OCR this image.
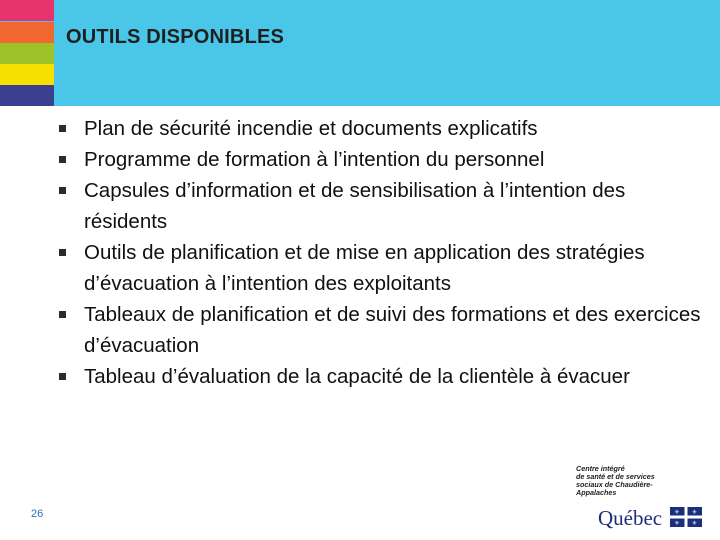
OUTILS DISPONIBLES
Plan de sécurité incendie et documents explicatifs
Programme de formation à l’intention du personnel
Capsules d’information et de sensibilisation à l’intention des résidents
Outils de planification et de mise en application des stratégies d’évacuation à l’intention des exploitants
Tableaux de planification et de suivi des formations et des exercices d’évacuation
Tableau d’évaluation de la capacité de la clientèle à évacuer
26
Centre intégré
de santé et de services
sociaux de Chaudière-
Appalaches
Québec ⚜ ⚜
⚜ ⚜
